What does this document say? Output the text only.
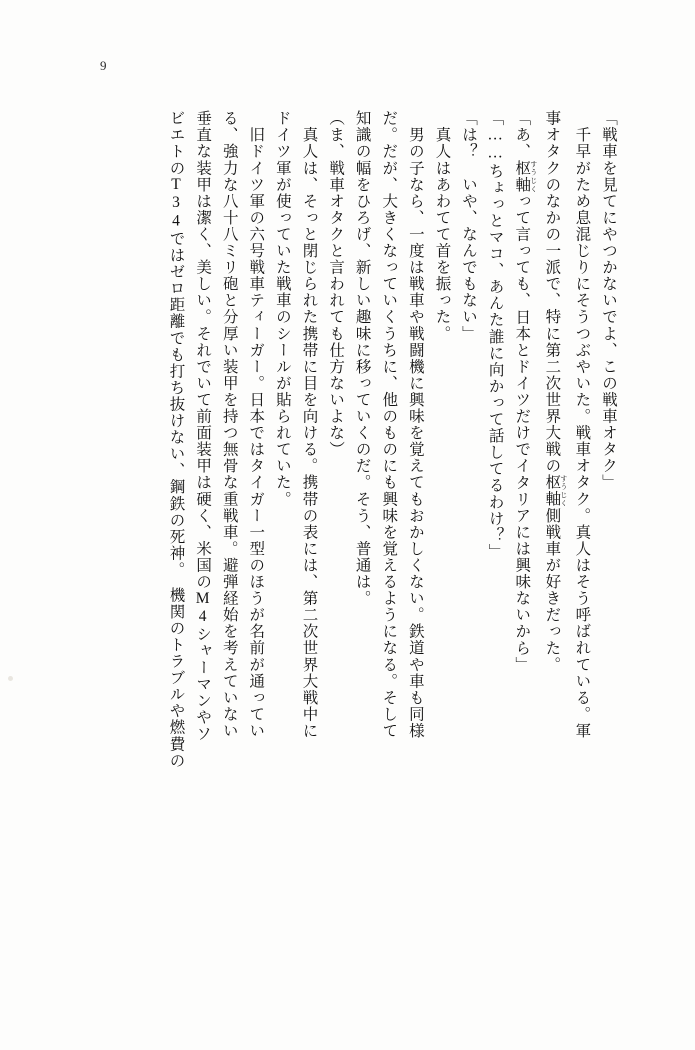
9
「戦車を見てにやつかないでよ、この戦車オタク」
　千早がため息混じりにそうつぶやいた。戦車オタク。真人はそう呼ばれている。軍
事オタクのなかの一派で、特に第二次世界大戦の枢軸 すうじく側戦車が好きだった。
「あ、枢軸 すうじくって言っても、日本とドイツだけでイタリアには興味ないから」
「……ちょっとマコ、あんた誰に向かって話してるわけ？」
「は？　いや、なんでもない」
　真人はあわてて首を振った。
　男の子なら、一度は戦車や戦闘機に興味を覚えてもおかしくない。鉄道や車も同様
だ。だが、大きくなっていくうちに、他のものにも興味を覚えるようになる。そして
知識の幅をひろげ、新しい趣味に移っていくのだ。そう、普通は。
（ま、戦車オタクと言われても仕方ないよな）
　真人は、そっと閉じられた携帯に目を向ける。携帯の表には、第二次世界大戦中に
ドイツ軍が使っていた戦車のシールが貼られていた。
　旧ドイツ軍の六号戦車ティーガー。日本ではタイガー一型のほうが名前が通ってい
る、強力な八十八ミリ砲と分厚い装甲を持つ無骨な重戦車。避弾経始を考えていない
垂直な装甲は潔く、美しい。それでいて前面装甲は硬く、米国のM4シャーマンやソ
ビエトのT34ではゼロ距離でも打ち抜けない、鋼鉄の死神。　機関のトラブルや燃費の
